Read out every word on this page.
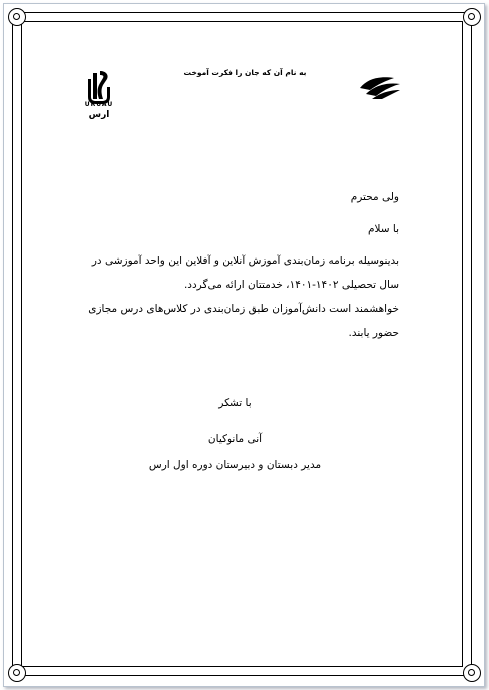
به نام آن که جان را فکرت آموخت
URUAU
ارس
ولی محترم
با سلام
بدینوسیله برنامه زمان‌بندی آموزش آنلاین و آفلاین این واحد آموزشی در
سال تحصیلی ۱۴۰۲-۱۴۰۱، خدمتتان ارائه می‌گردد.
خواهشمند است دانش‌آموزان طبق زمان‌بندی در کلاس‌های درس مجازی
حضور یابند.
با تشکر
آنی مانوکیان
مدیر دبستان و دبیرستان دوره اول ارس
